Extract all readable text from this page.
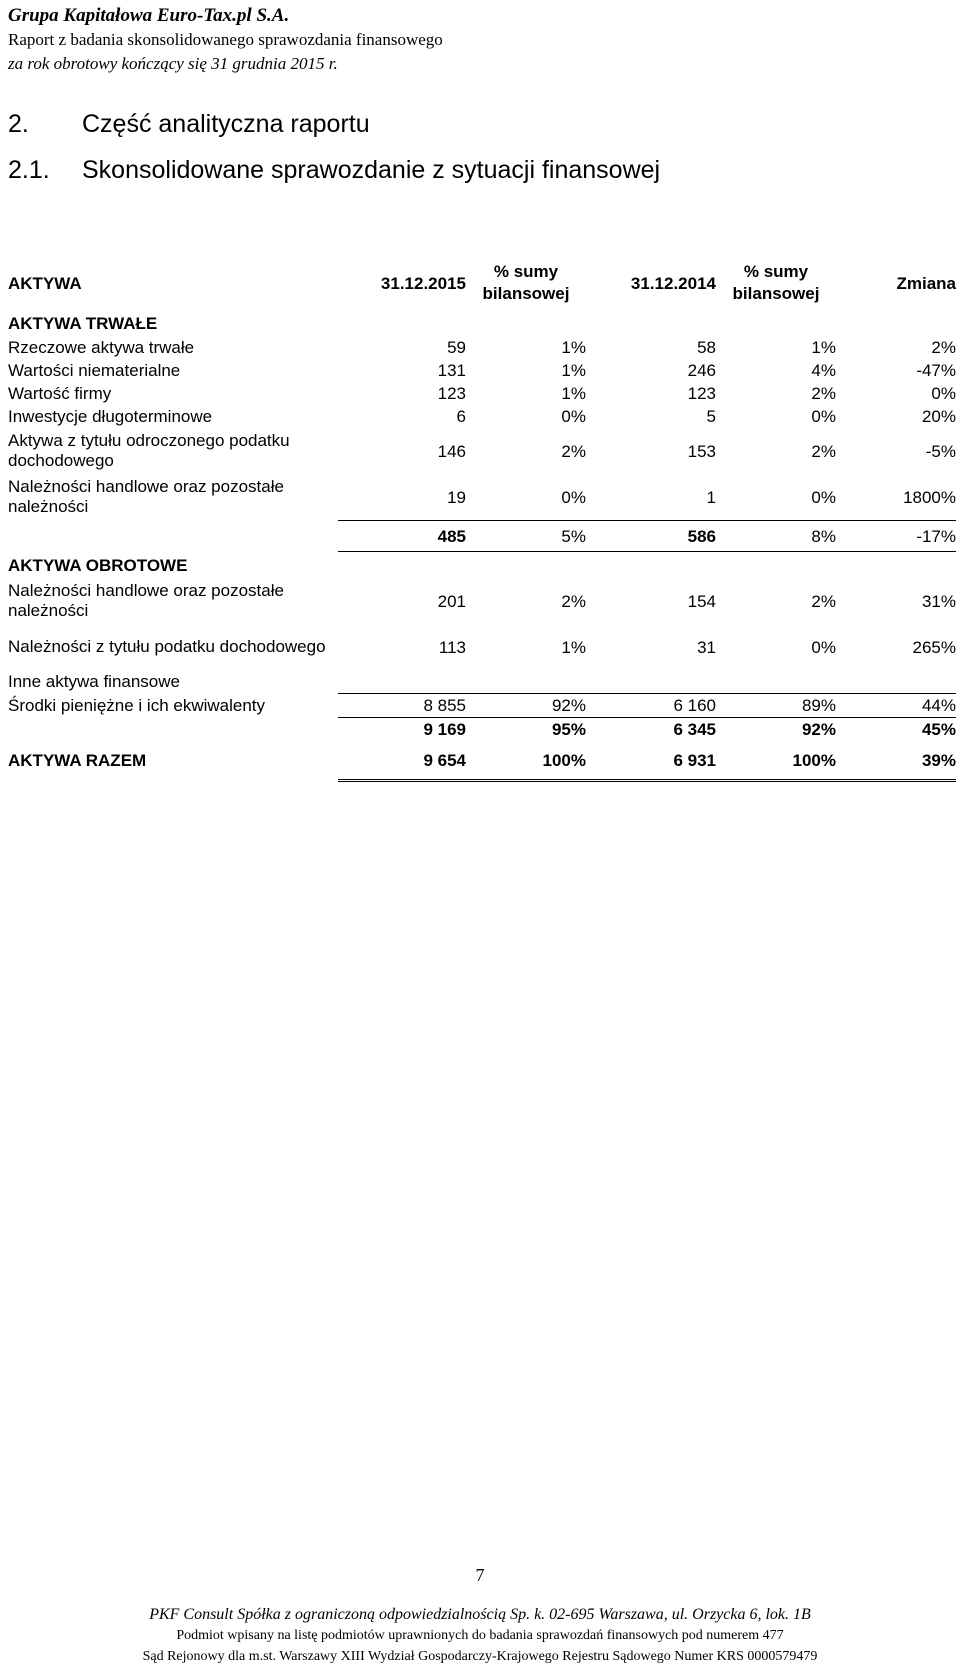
Grupa Kapitałowa Euro-Tax.pl S.A.
Raport z badania skonsolidowanego sprawozdania finansowego
za rok obrotowy kończący się 31 grudnia 2015 r.
2. Część analityczna raportu
2.1. Skonsolidowane sprawozdanie z sytuacji finansowej
AKTYWA	31.12.2015	% sumy bilansowej	31.12.2014	% sumy bilansowej	Zmiana
AKTYWA TRWAŁE					
Rzeczowe aktywa trwałe	59	1%	58	1%	2%
Wartości niematerialne	131	1%	246	4%	-47%
Wartość firmy	123	1%	123	2%	0%
Inwestycje długoterminowe	6	0%	5	0%	20%
Aktywa z tytułu odroczonego podatku dochodowego	146	2%	153	2%	-5%
Należności handlowe oraz pozostałe należności	19	0%	1	0%	1800%
	485	5%	586	8%	-17%
AKTYWA OBROTOWE					
Należności handlowe oraz pozostałe należności	201	2%	154	2%	31%
Należności z tytułu podatku dochodowego	113	1%	31	0%	265%
Inne aktywa finansowe					
Środki pieniężne i ich ekwiwalenty	8 855	92%	6 160	89%	44%
	9 169	95%	6 345	92%	45%
AKTYWA RAZEM	9 654	100%	6 931	100%	39%
7
PKF Consult Spółka z ograniczoną odpowiedzialnością Sp. k. 02-695 Warszawa, ul. Orzycka 6, lok. 1B
Podmiot wpisany na listę podmiotów uprawnionych do badania sprawozdań finansowych pod numerem 477
Sąd Rejonowy dla m.st. Warszawy XIII Wydział Gospodarczy-Krajowego Rejestru Sądowego Numer KRS 0000579479
